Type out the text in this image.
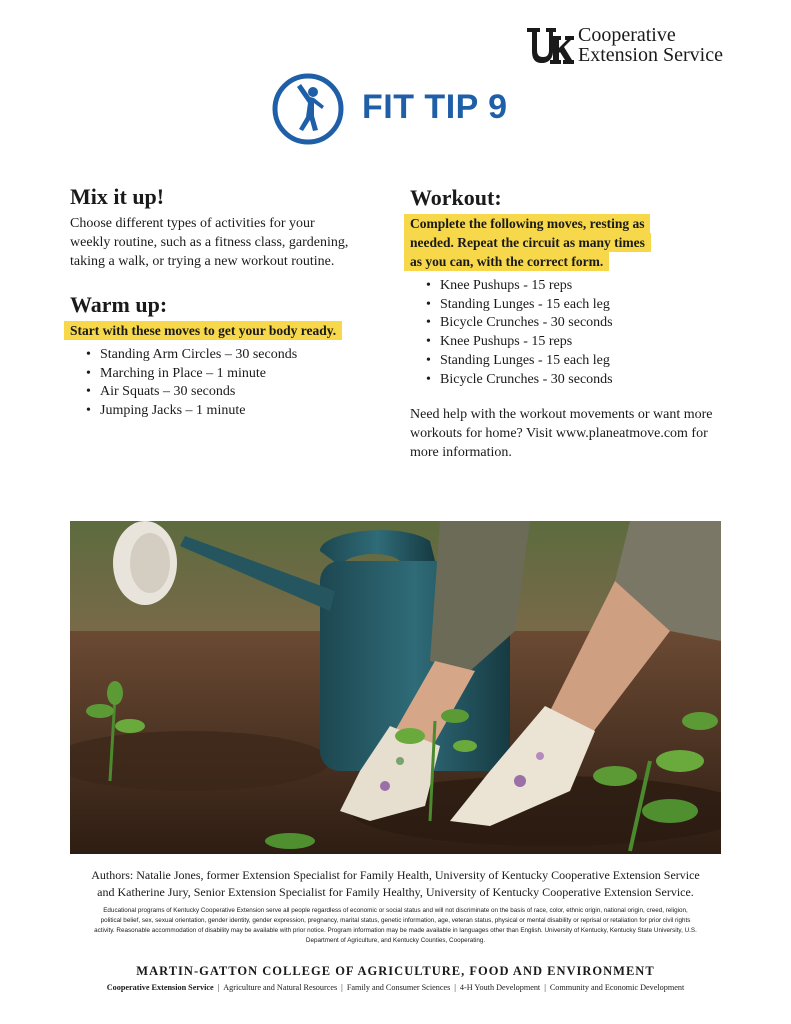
Cooperative
Extension Service
FIT TIP 9
Mix it up!
Choose different types of activities for your
weekly routine, such as a fitness class, gardening,
taking a walk, or trying a new workout routine.
Warm up:
Start with these moves to get your body ready.
• Standing Arm Circles – 30 seconds
• Marching in Place – 1 minute
• Air Squats – 30 seconds
• Jumping Jacks – 1 minute
Workout:
Complete the following moves, resting as
needed. Repeat the circuit as many times
as you can, with the correct form.
• Knee Pushups - 15 reps
• Standing Lunges - 15 each leg
• Bicycle Crunches - 30 seconds
• Knee Pushups - 15 reps
• Standing Lunges - 15 each leg
• Bicycle Crunches - 30 seconds
Need help with the workout movements or want more
workouts for home? Visit www.planeatmove.com for
more information.
Authors: Natalie Jones, former Extension Specialist for Family Health, University of Kentucky Cooperative Extension Service
and Katherine Jury, Senior Extension Specialist for Family Healthy, University of Kentucky Cooperative Extension Service.
Educational programs of Kentucky Cooperative Extension serve all people regardless of economic or social status and will not discriminate on the basis of race, color, ethnic origin, national origin, creed, religion, political belief, sex, sexual orientation, gender identity, gender expression, pregnancy, marital status, genetic information, age, veteran status, physical or mental disability or reprisal or retaliation for prior civil rights activity. Reasonable accommodation of disability may be available with prior notice. Program information may be made available in languages other than English. University of Kentucky, Kentucky State University, U.S. Department of Agriculture, and Kentucky Counties, Cooperating.
MARTIN-GATTON COLLEGE OF AGRICULTURE, FOOD AND ENVIRONMENT
Cooperative Extension Service | Agriculture and Natural Resources | Family and Consumer Sciences | 4-H Youth Development | Community and Economic Development
